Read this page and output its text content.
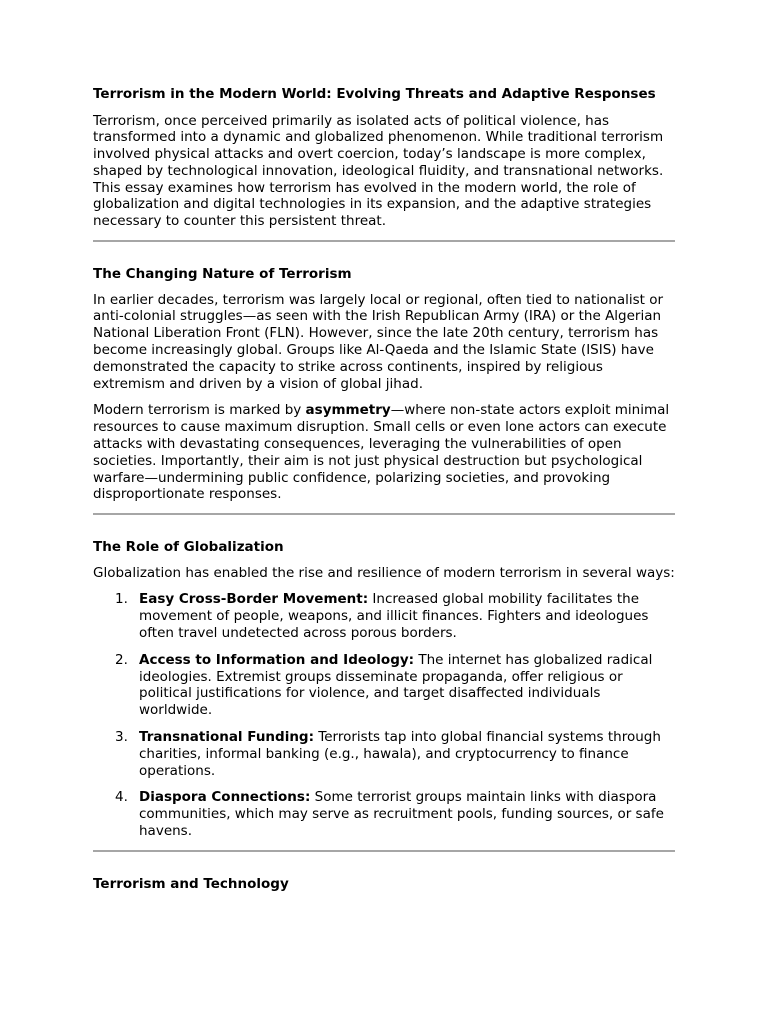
Terrorism in the Modern World: Evolving Threats and Adaptive Responses

Terrorism, once perceived primarily as isolated acts of political violence, has transformed into a dynamic and globalized phenomenon. While traditional terrorism involved physical attacks and overt coercion, today’s landscape is more complex, shaped by technological innovation, ideological fluidity, and transnational networks. This essay examines how terrorism has evolved in the modern world, the role of globalization and digital technologies in its expansion, and the adaptive strategies necessary to counter this persistent threat.

The Changing Nature of Terrorism

In earlier decades, terrorism was largely local or regional, often tied to nationalist or anti-colonial struggles—as seen with the Irish Republican Army (IRA) or the Algerian National Liberation Front (FLN). However, since the late 20th century, terrorism has become increasingly global. Groups like Al-Qaeda and the Islamic State (ISIS) have demonstrated the capacity to strike across continents, inspired by religious extremism and driven by a vision of global jihad.

Modern terrorism is marked by asymmetry—where non-state actors exploit minimal resources to cause maximum disruption. Small cells or even lone actors can execute attacks with devastating consequences, leveraging the vulnerabilities of open societies. Importantly, their aim is not just physical destruction but psychological warfare—undermining public confidence, polarizing societies, and provoking disproportionate responses.

The Role of Globalization

Globalization has enabled the rise and resilience of modern terrorism in several ways:

1. Easy Cross-Border Movement: Increased global mobility facilitates the movement of people, weapons, and illicit finances. Fighters and ideologues often travel undetected across porous borders.
2. Access to Information and Ideology: The internet has globalized radical ideologies. Extremist groups disseminate propaganda, offer religious or political justifications for violence, and target disaffected individuals worldwide.
3. Transnational Funding: Terrorists tap into global financial systems through charities, informal banking (e.g., hawala), and cryptocurrency to finance operations.
4. Diaspora Connections: Some terrorist groups maintain links with diaspora communities, which may serve as recruitment pools, funding sources, or safe havens.
Terrorism and Technology
